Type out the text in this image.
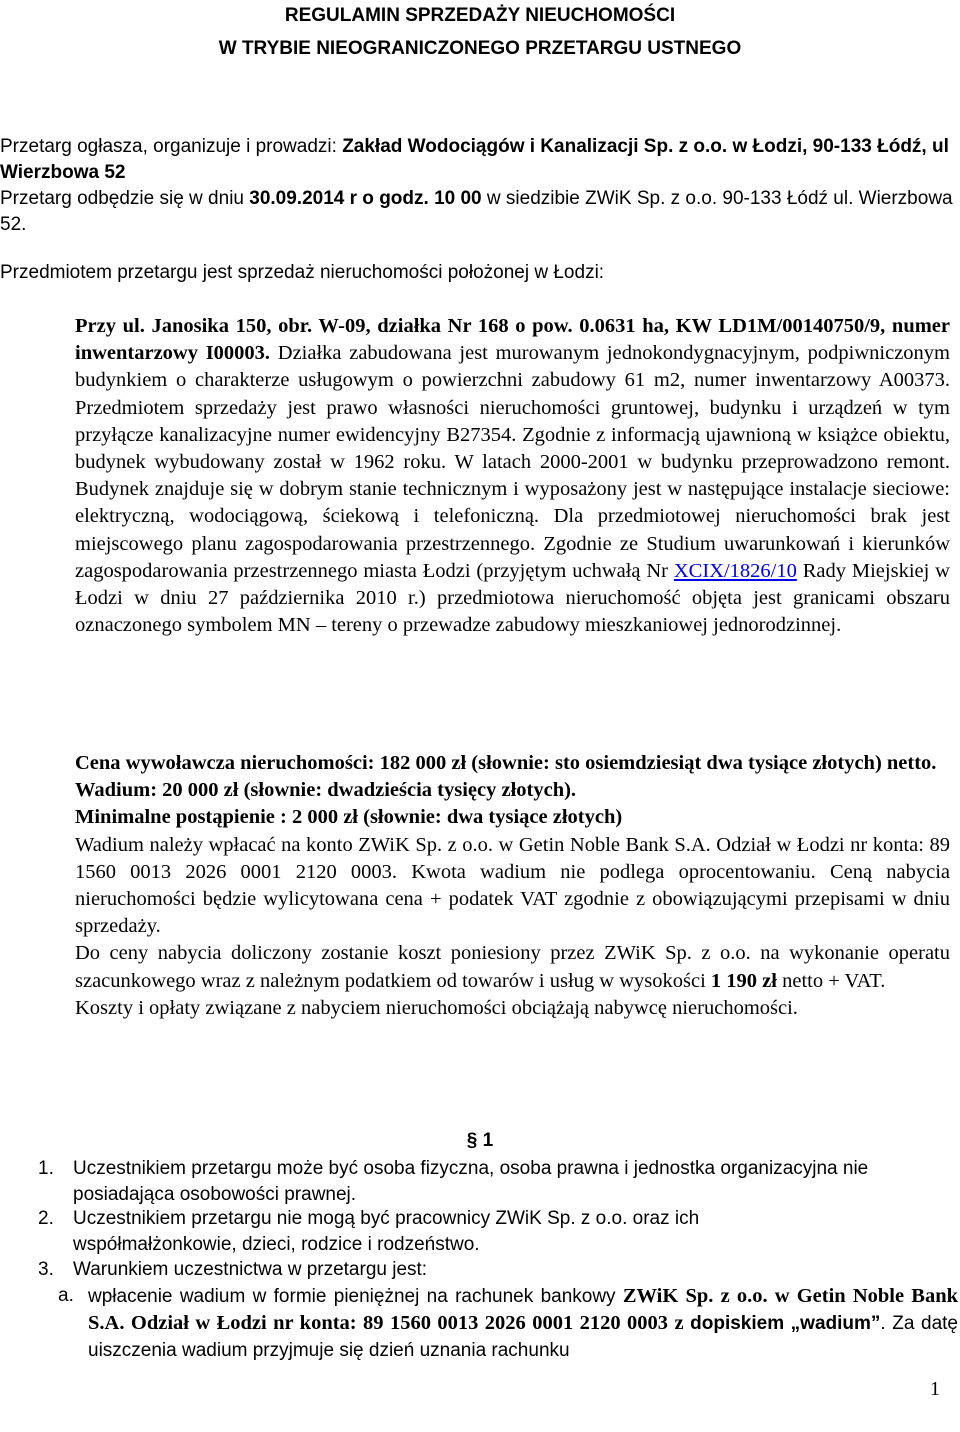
REGULAMIN SPRZEDAŻY NIEUCHOMOŚCI
W TRYBIE NIEOGRANICZONEGO PRZETARGU USTNEGO

Przetarg ogłasza, organizuje i prowadzi: Zakład Wodociągów i Kanalizacji Sp. z o.o. w Łodzi, 90-133 Łódź, ul Wierzbowa 52

Przetarg odbędzie się w dniu 30.09.2014 r o godz. 10 00 w siedzibie ZWiK Sp. z o.o. 90-133 Łódź ul. Wierzbowa 52.

Przedmiotem przetargu jest sprzedaż nieruchomości położonej w Łodzi:

Przy ul. Janosika 150, obr. W-09, działka Nr 168 o pow. 0.0631 ha, KW LD1M/00140750/9, numer inwentarzowy I00003. Działka zabudowana jest murowanym jednokondygnacyjnym, podpiwniczonym budynkiem o charakterze usługowym o powierzchni zabudowy 61 m2, numer inwentarzowy A00373. Przedmiotem sprzedaży jest prawo własności nieruchomości gruntowej, budynku i urządzeń w tym przyłącze kanalizacyjne numer ewidencyjny B27354. Zgodnie z informacją ujawnioną w książce obiektu, budynek wybudowany został w 1962 roku. W latach 2000-2001 w budynku przeprowadzono remont. Budynek znajduje się w dobrym stanie technicznym i wyposażony jest w następujące instalacje sieciowe: elektryczną, wodociągową, ściekową i telefoniczną. Dla przedmiotowej nieruchomości brak jest miejscowego planu zagospodarowania przestrzennego. Zgodnie ze Studium uwarunkowań i kierunków zagospodarowania przestrzennego miasta Łodzi (przyjętym uchwałą Nr XCIX/1826/10 Rady Miejskiej w Łodzi w dniu 27 października 2010 r.) przedmiotowa nieruchomość objęta jest granicami obszaru oznaczonego symbolem MN – tereny o przewadze zabudowy mieszkaniowej jednorodzinnej.

Cena wywoławcza nieruchomości: 182 000 zł (słownie: sto osiemdziesiąt dwa tysiące złotych) netto.

Wadium: 20 000 zł (słownie: dwadzieścia tysięcy złotych).

Minimalne postąpienie : 2 000 zł (słownie: dwa tysiące złotych)

Wadium należy wpłacać na konto ZWiK Sp. z o.o. w Getin Noble Bank S.A. Odział w Łodzi nr konta: 89 1560 0013 2026 0001 2120 0003. Kwota wadium nie podlega oprocentowaniu. Ceną nabycia nieruchomości będzie wylicytowana cena + podatek VAT zgodnie z obowiązującymi przepisami w dniu sprzedaży.

Do ceny nabycia doliczony zostanie koszt poniesiony przez ZWiK Sp. z o.o. na wykonanie operatu szacunkowego wraz z należnym podatkiem od towarów i usług w wysokości 1 190 zł netto + VAT.

Koszty i opłaty związane z nabyciem nieruchomości obciążają nabywcę nieruchomości.

§ 1
1. Uczestnikiem przetargu może być osoba fizyczna, osoba prawna i jednostka organizacyjna nie posiadająca osobowości prawnej.

2. Uczestnikiem przetargu nie mogą być pracownicy ZWiK Sp. z o.o. oraz ich współmałżonkowie, dzieci, rodzice i rodzeństwo.

3. Warunkiem uczestnictwa w przetargu jest:

a. wpłacenie wadium w formie pieniężnej na rachunek bankowy ZWiK Sp. z o.o. w Getin Noble Bank S.A. Odział w Łodzi nr konta: 89 1560 0013 2026 0001 2120 0003 z dopiskiem „wadium”. Za datę uiszczenia wadium przyjmuje się dzień uznania rachunku

1
